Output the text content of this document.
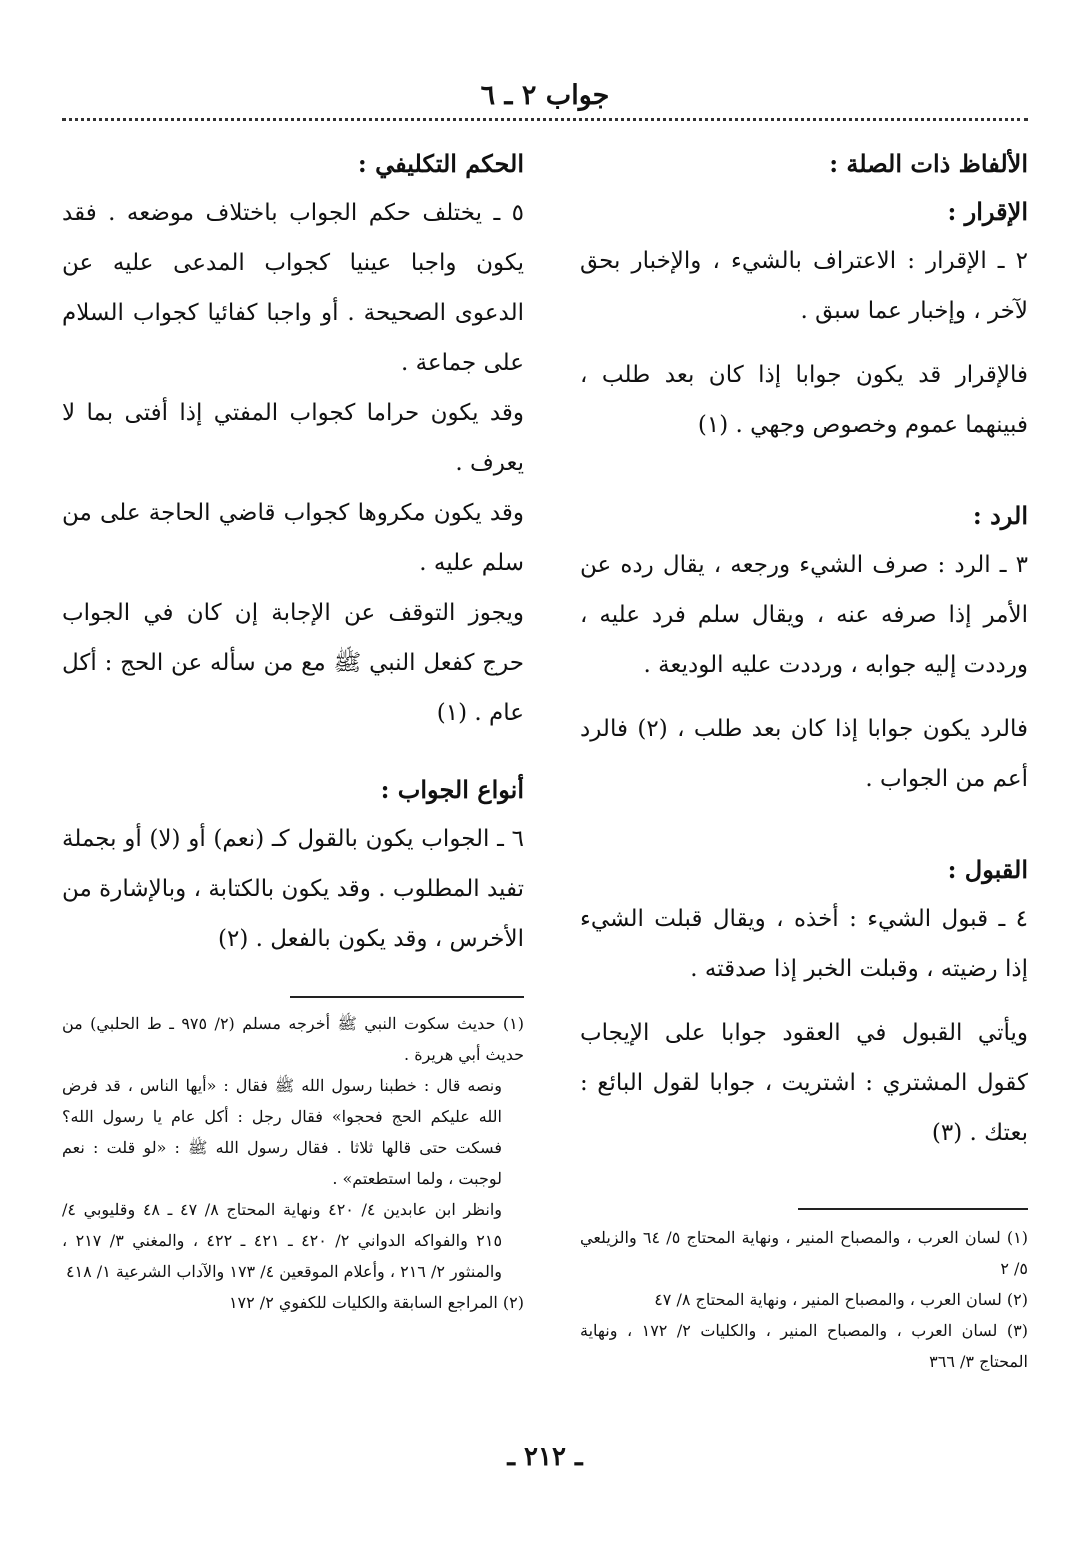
جواب ٢ ـ ٦
الألفاظ ذات الصلة :
الإقرار :
٢ ـ الإقرار : الاعتراف بالشيء ، والإخبار بحق لآخر ، وإخبار عما سبق .
فالإقرار قد يكون جوابا إذا كان بعد طلب ، فبينهما عموم وخصوص وجهي . (١)
الرد :
٣ ـ الرد : صرف الشيء ورجعه ، يقال رده عن الأمر إذا صرفه عنه ، ويقال سلم فرد عليه ، ورددت إليه جوابه ، ورددت عليه الوديعة .
فالرد يكون جوابا إذا كان بعد طلب ، (٢) فالرد أعم من الجواب .
القبول :
٤ ـ قبول الشيء : أخذه ، ويقال قبلت الشيء إذا رضيته ، وقبلت الخبر إذا صدقته .
ويأتي القبول في العقود جوابا على الإيجاب كقول المشتري : اشتريت ، جوابا لقول البائع : بعتك . (٣)
الحكم التكليفي :
٥ ـ يختلف حكم الجواب باختلاف موضعه . فقد يكون واجبا عينيا كجواب المدعى عليه عن الدعوى الصحيحة . أو واجبا كفائيا كجواب السلام على جماعة .
وقد يكون حراما كجواب المفتي إذا أفتى بما لا يعرف .
وقد يكون مكروها كجواب قاضي الحاجة على من سلم عليه .
ويجوز التوقف عن الإجابة إن كان في الجواب حرج كفعل النبي ﷺ مع من سأله عن الحج : أكل عام . (١)
أنواع الجواب :
٦ ـ الجواب يكون بالقول كـ (نعم) أو (لا) أو بجملة تفيد المطلوب . وقد يكون بالكتابة ، وبالإشارة من الأخرس ، وقد يكون بالفعل . (٢)
(١) لسان العرب ، والمصباح المنير ، ونهاية المحتاج ٥/ ٦٤ والزيلعي ٥/ ٢
(٢) لسان العرب ، والمصباح المنير ، ونهاية المحتاج ٨/ ٤٧
(٣) لسان العرب ، والمصباح المنير ، والكليات ٢/ ١٧٢ ، ونهاية المحتاج ٣/ ٣٦٦
(١) حديث سكوت النبي ﷺ أخرجه مسلم (٢/ ٩٧٥ ـ ط الحلبي) من حديث أبي هريرة .
ونصه قال : خطبنا رسول الله ﷺ فقال : «أيها الناس ، قد فرض الله عليكم الحج فحجوا» فقال رجل : أكل عام يا رسول الله؟ فسكت حتى قالها ثلاثا . فقال رسول الله ﷺ : «لو قلت : نعم لوجبت ، ولما استطعتم» .
وانظر ابن عابدين ٤/ ٤٢٠ ونهاية المحتاج ٨/ ٤٧ ـ ٤٨ وقليوبي ٤/ ٢١٥ والفواكه الدواني ٢/ ٤٢٠ ـ ٤٢١ ـ ٤٢٢ ، والمغني ٣/ ٢١٧ ، والمنثور ٢/ ٢١٦ ، وأعلام الموقعين ٤/ ١٧٣ والآداب الشرعية ١/ ٤١٨
(٢) المراجع السابقة والكليات للكفوي ٢/ ١٧٢
ـ ٢١٢ ـ
